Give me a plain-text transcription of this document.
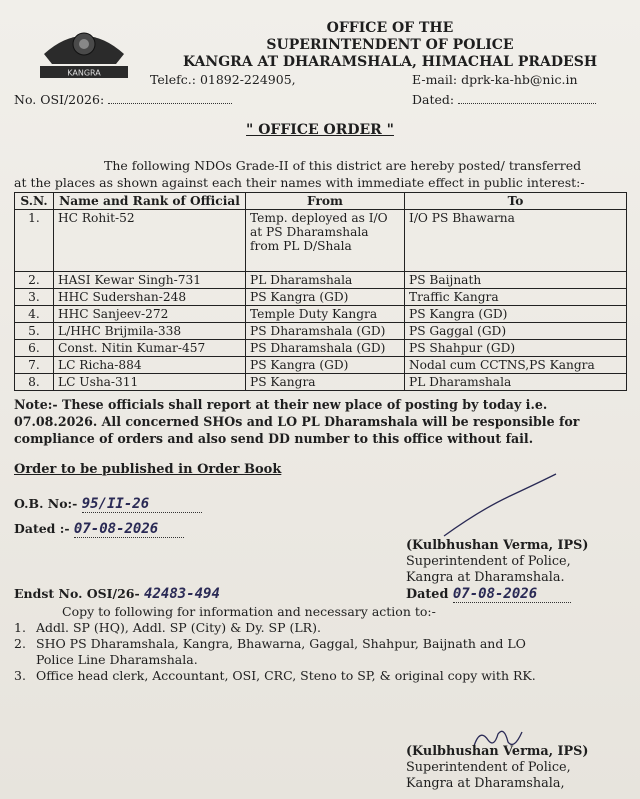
KANGRA
OFFICE OF THE
SUPERINTENDENT OF POLICE
KANGRA AT DHARAMSHALA, HIMACHAL PRADESH
Telefc.: 01892-224905,	E-mail: dprk-ka-hb@nic.in
No. OSI/2026:	Dated:
" OFFICE ORDER "
The following NDOs Grade-II of this district are hereby posted/ transferred
at the places as shown against each their names with immediate effect in public interest:-
S.N.	Name and Rank of Official	From	To
1.	HC Rohit-52	Temp. deployed as I/O
at PS Dharamshala
from PL D/Shala	I/O PS Bhawarna
2.	HASI Kewar Singh-731	PL Dharamshala	PS Baijnath
3.	HHC Sudershan-248	PS Kangra (GD)	Traffic Kangra
4.	HHC Sanjeev-272	Temple Duty Kangra	PS Kangra (GD)
5.	L/HHC Brijmila-338	PS Dharamshala (GD)	PS Gaggal (GD)
6.	Const. Nitin Kumar-457	PS Dharamshala (GD)	PS Shahpur (GD)
7.	LC Richa-884	PS Kangra (GD)	Nodal cum CCTNS,PS Kangra
8.	LC Usha-311	PS Kangra	PL Dharamshala
Note:- These officials shall report at their new place of posting by today i.e.
07.08.2026. All concerned SHOs and LO PL Dharamshala will be responsible for
compliance of orders and also send DD number to this office without fail.
Order to be published in Order Book
O.B. No:- 95/II-26
Dated :- 07-08-2026
(Kulbhushan Verma, IPS)
Superintendent of Police,
Kangra at Dharamshala.
Dated 07-08-2026
Endst No. OSI/26- 42483-494
Copy to following for information and necessary action to:-
1. Addl. SP (HQ), Addl. SP (City) & Dy. SP (LR).
2. SHO PS Dharamshala, Kangra, Bhawarna, Gaggal, Shahpur, Baijnath and LO
Police Line Dharamshala.
3. Office head clerk, Accountant, OSI, CRC, Steno to SP, & original copy with RK.
(Kulbhushan Verma, IPS)
Superintendent of Police,
Kangra at Dharamshala,
